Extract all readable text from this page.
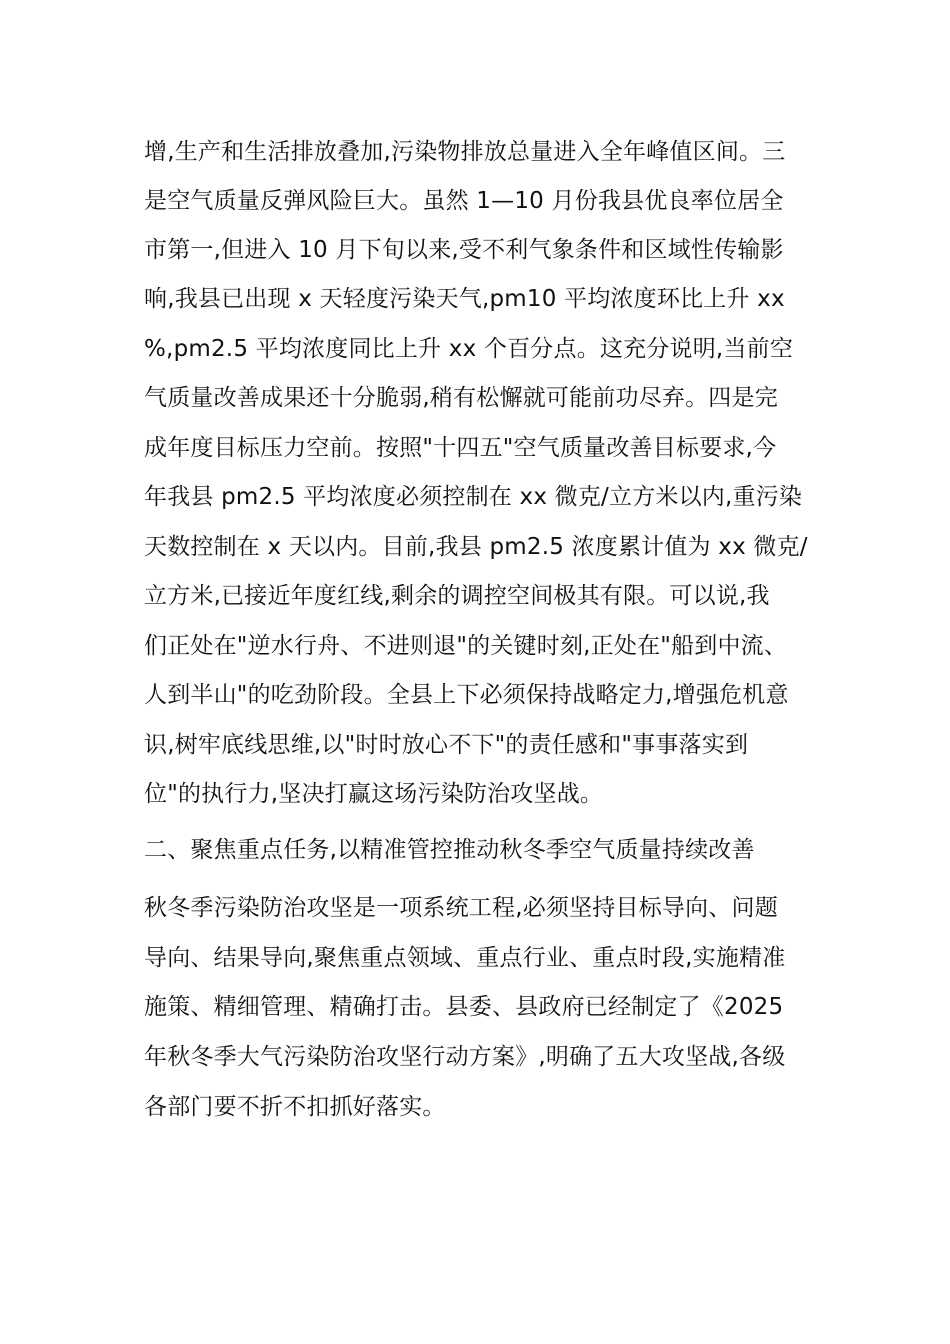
增,生产和生活排放叠加,污染物排放总量进入全年峰值区间。三
是空气质量反弹风险巨大。虽然 1—10 月份我县优良率位居全
市第一,但进入 10 月下旬以来,受不利气象条件和区域性传输影
响,我县已出现 x 天轻度污染天气,pm10 平均浓度环比上升 xx
%,pm2.5 平均浓度同比上升 xx 个百分点。这充分说明,当前空
气质量改善成果还十分脆弱,稍有松懈就可能前功尽弃。四是完
成年度目标压力空前。按照"十四五"空气质量改善目标要求,今
年我县 pm2.5 平均浓度必须控制在 xx 微克/立方米以内,重污染
天数控制在 x 天以内。目前,我县 pm2.5 浓度累计值为 xx 微克/
立方米,已接近年度红线,剩余的调控空间极其有限。可以说,我
们正处在"逆水行舟、不进则退"的关键时刻,正处在"船到中流、
人到半山"的吃劲阶段。全县上下必须保持战略定力,增强危机意
识,树牢底线思维,以"时时放心不下"的责任感和"事事落实到
位"的执行力,坚决打赢这场污染防治攻坚战。
二、聚焦重点任务,以精准管控推动秋冬季空气质量持续改善
秋冬季污染防治攻坚是一项系统工程,必须坚持目标导向、问题
导向、结果导向,聚焦重点领域、重点行业、重点时段,实施精准
施策、精细管理、精确打击。县委、县政府已经制定了《2025
年秋冬季大气污染防治攻坚行动方案》,明确了五大攻坚战,各级
各部门要不折不扣抓好落实。
